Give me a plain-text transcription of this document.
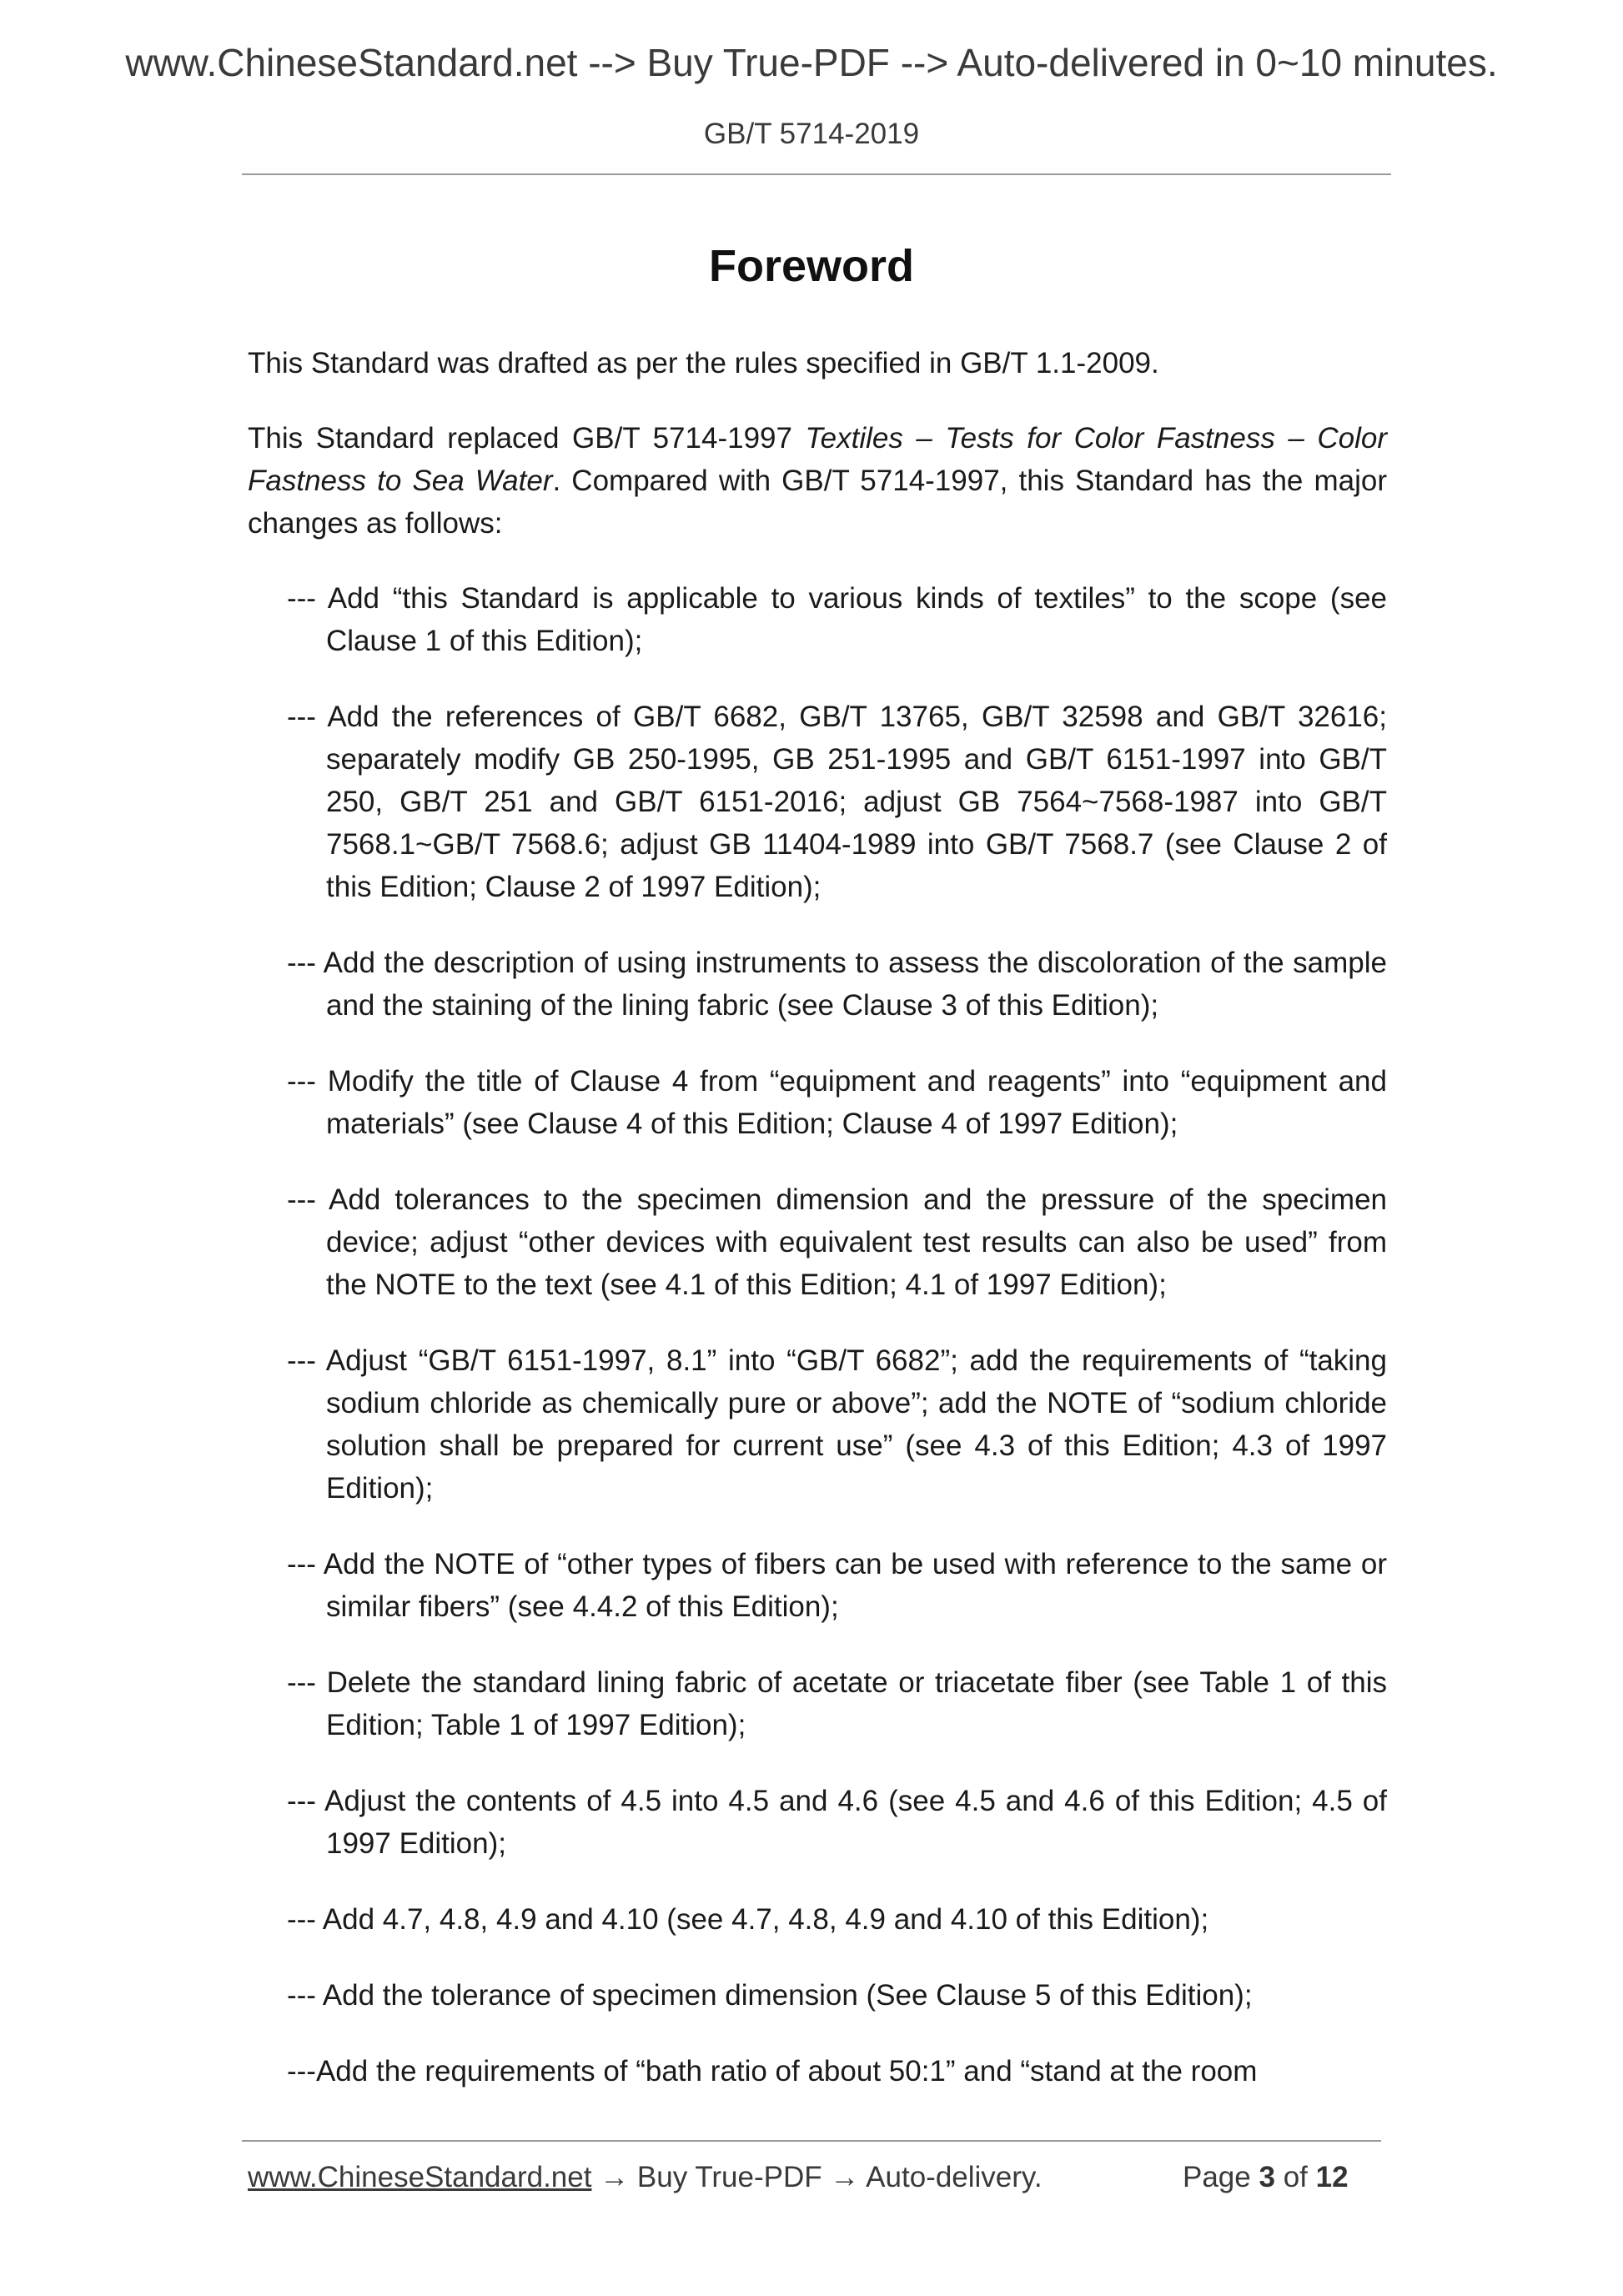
www.ChineseStandard.net --> Buy True-PDF --> Auto-delivered in 0~10 minutes.
GB/T 5714-2019
Foreword

This Standard was drafted as per the rules specified in GB/T 1.1-2009.

This Standard replaced GB/T 5714-1997 Textiles – Tests for Color Fastness – Color Fastness to Sea Water. Compared with GB/T 5714-1997, this Standard has the major changes as follows:

--- Add “this Standard is applicable to various kinds of textiles” to the scope (see Clause 1 of this Edition);
--- Add the references of GB/T 6682, GB/T 13765, GB/T 32598 and GB/T 32616; separately modify GB 250-1995, GB 251-1995 and GB/T 6151-1997 into GB/T 250, GB/T 251 and GB/T 6151-2016; adjust GB 7564~7568-1987 into GB/T 7568.1~GB/T 7568.6; adjust GB 11404-1989 into GB/T 7568.7 (see Clause 2 of this Edition; Clause 2 of 1997 Edition);
--- Add the description of using instruments to assess the discoloration of the sample and the staining of the lining fabric (see Clause 3 of this Edition);
--- Modify the title of Clause 4 from “equipment and reagents” into “equipment and materials” (see Clause 4 of this Edition; Clause 4 of 1997 Edition);
--- Add tolerances to the specimen dimension and the pressure of the specimen device; adjust “other devices with equivalent test results can also be used” from the NOTE to the text (see 4.1 of this Edition; 4.1 of 1997 Edition);
--- Adjust “GB/T 6151-1997, 8.1” into “GB/T 6682”; add the requirements of “taking sodium chloride as chemically pure or above”; add the NOTE of “sodium chloride solution shall be prepared for current use” (see 4.3 of this Edition; 4.3 of 1997 Edition);
--- Add the NOTE of “other types of fibers can be used with reference to the same or similar fibers” (see 4.4.2 of this Edition);
--- Delete the standard lining fabric of acetate or triacetate fiber (see Table 1 of this Edition; Table 1 of 1997 Edition);
--- Adjust the contents of 4.5 into 4.5 and 4.6 (see 4.5 and 4.6 of this Edition; 4.5 of 1997 Edition);
--- Add 4.7, 4.8, 4.9 and 4.10 (see 4.7, 4.8, 4.9 and 4.10 of this Edition);
--- Add the tolerance of specimen dimension (See Clause 5 of this Edition);
---Add the requirements of “bath ratio of about 50:1” and “stand at the room
www.ChineseStandard.net → Buy True-PDF → Auto-delivery.	Page 3 of 12
